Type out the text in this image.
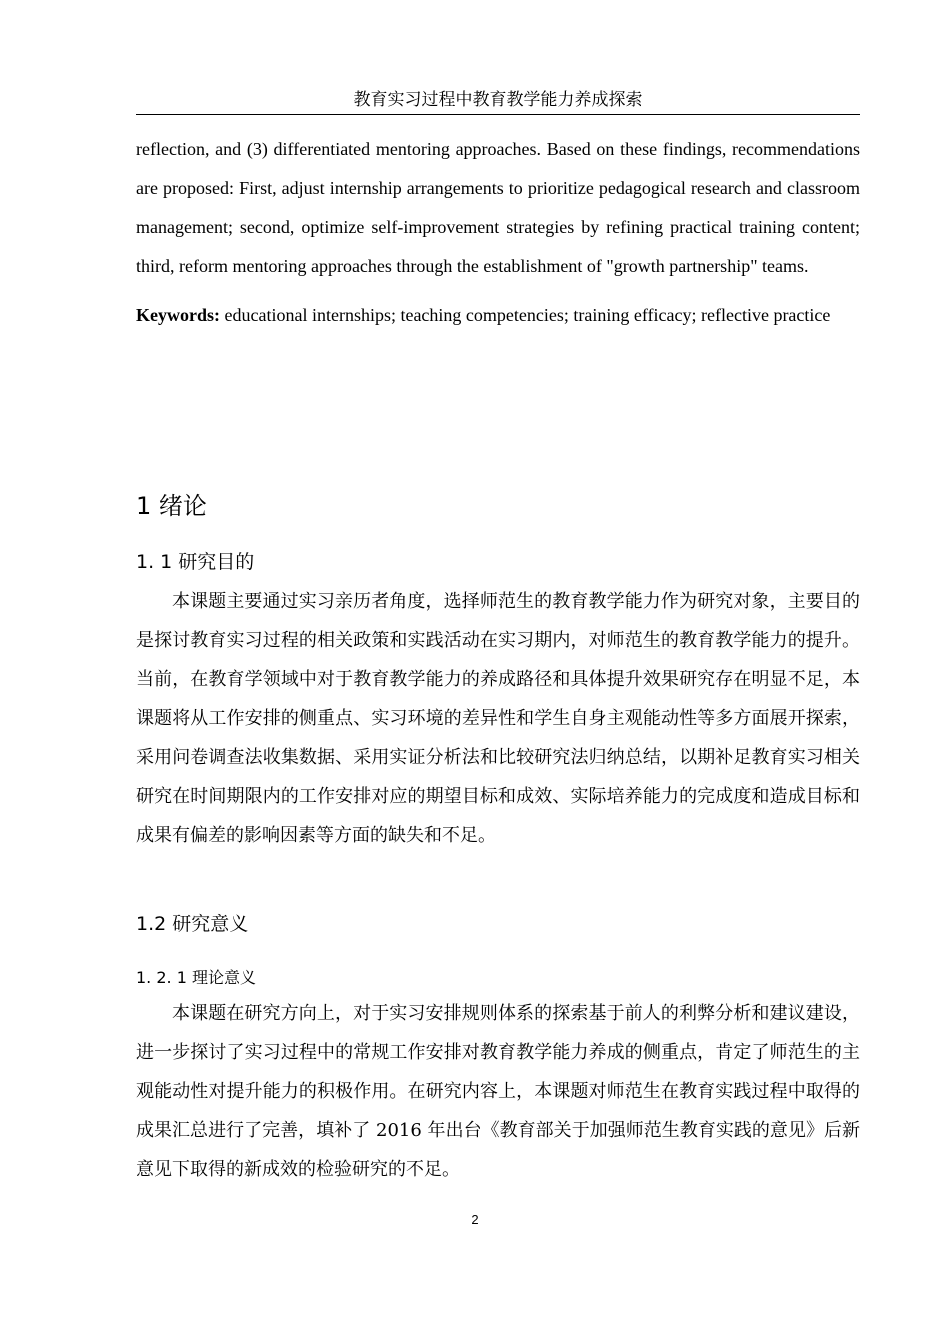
教育实习过程中教育教学能力养成探索

reflection, and (3) differentiated mentoring approaches. Based on these findings, recommendations are proposed: First, adjust internship arrangements to prioritize pedagogical research and classroom management; second, optimize self-improvement strategies by refining practical training content; third, reform mentoring approaches through the establishment of "growth partnership" teams.

Keywords: educational internships; teaching competencies; training efficacy; reflective practice

1 绪论
1. 1 研究目的

本课题主要通过实习亲历者角度，选择师范生的教育教学能力作为研究对象，主要目的是探讨教育实习过程的相关政策和实践活动在实习期内，对师范生的教育教学能力的提升。当前，在教育学领域中对于教育教学能力的养成路径和具体提升效果研究存在明显不足，本课题将从工作安排的侧重点、实习环境的差异性和学生自身主观能动性等多方面展开探索，采用问卷调查法收集数据、采用实证分析法和比较研究法归纳总结，以期补足教育实习相关研究在时间期限内的工作安排对应的期望目标和成效、实际培养能力的完成度和造成目标和成果有偏差的影响因素等方面的缺失和不足。

1.2 研究意义
1. 2. 1 理论意义

本课题在研究方向上，对于实习安排规则体系的探索基于前人的利弊分析和建议建设，进一步探讨了实习过程中的常规工作安排对教育教学能力养成的侧重点，肯定了师范生的主观能动性对提升能力的积极作用。在研究内容上，本课题对师范生在教育实践过程中取得的成果汇总进行了完善，填补了 2016 年出台《教育部关于加强师范生教育实践的意见》后新意见下取得的新成效的检验研究的不足。

2
